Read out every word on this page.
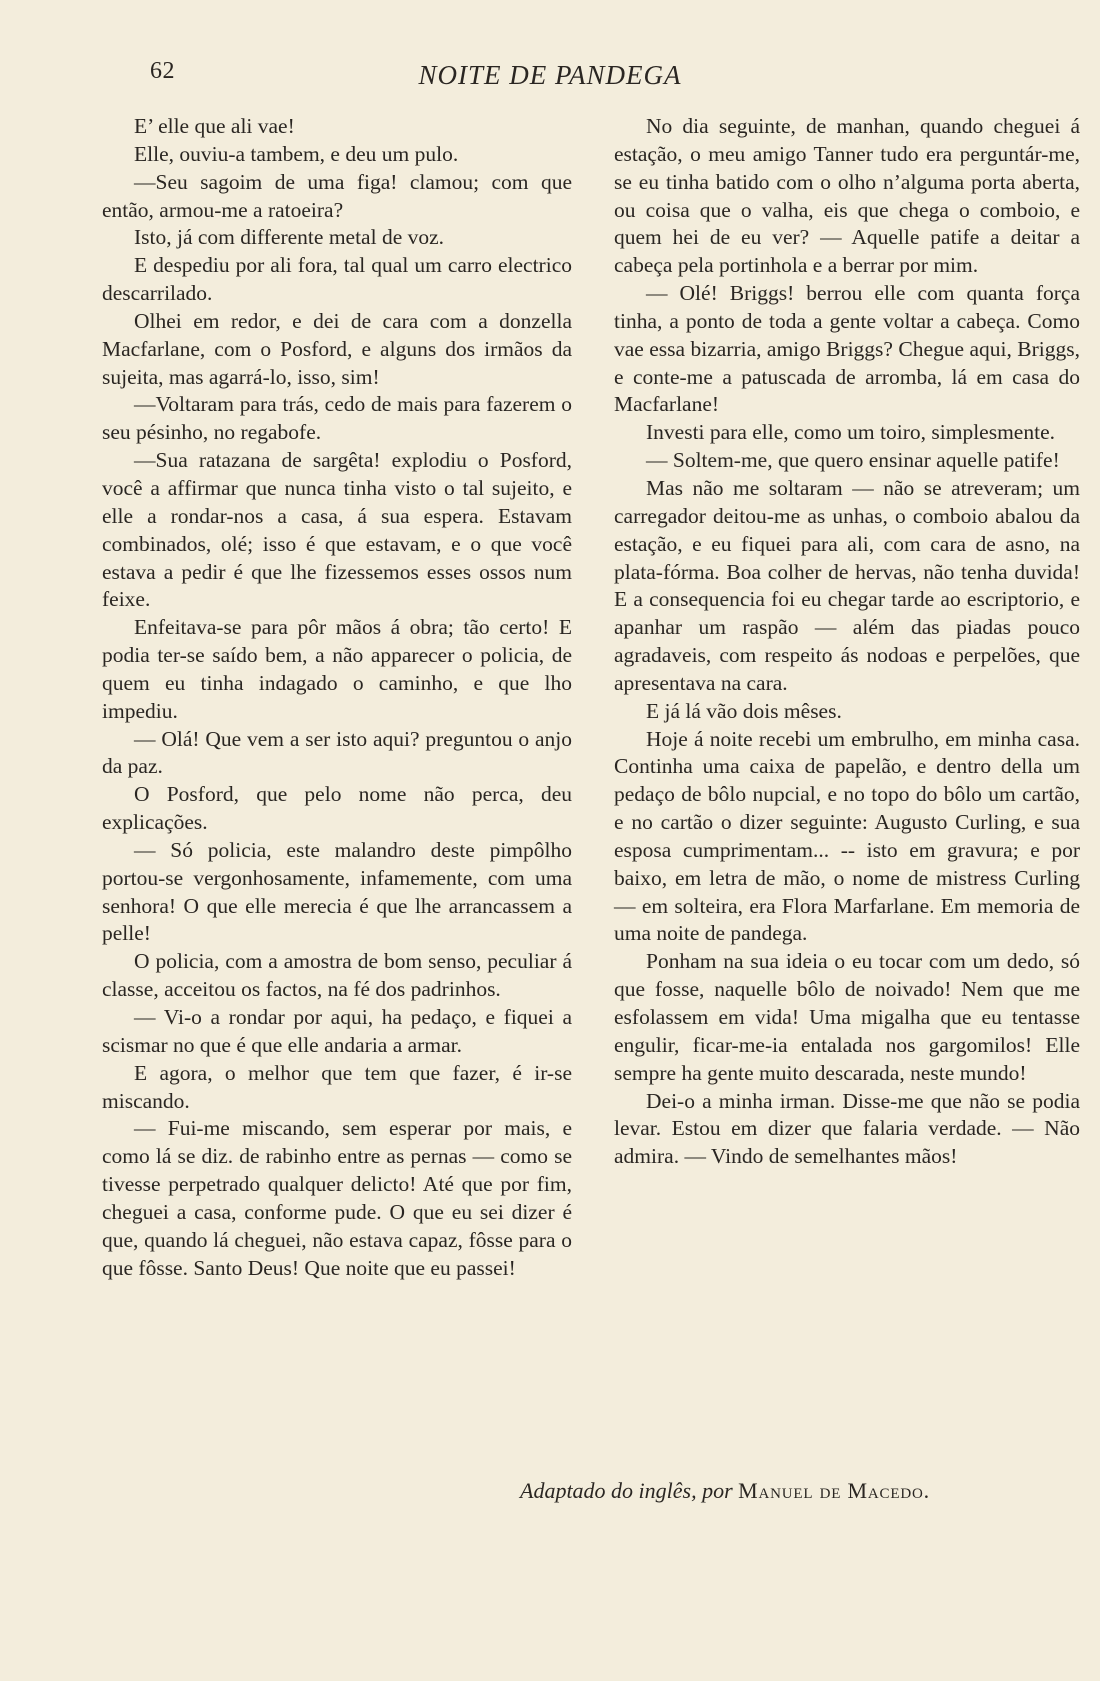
62	NOITE DE PANDEGA

E’ elle que ali vae!

Elle, ouviu-a tambem, e deu um pulo.

—Seu sagoim de uma figa! clamou; com que então, armou-me a ratoeira?

Isto, já com differente metal de voz.

E despediu por ali fora, tal qual um carro electrico descarrilado.

Olhei em redor, e dei de cara com a donzella Macfarlane, com o Posford, e alguns dos irmãos da sujeita, mas agarrá-lo, isso, sim!

—Voltaram para trás, cedo de mais para fazerem o seu pésinho, no regabofe.

—Sua ratazana de sargêta! explodiu o Posford, você a affirmar que nunca tinha visto o tal sujeito, e elle a rondar-nos a casa, á sua espera. Estavam combinados, olé; isso é que estavam, e o que você estava a pedir é que lhe fizessemos esses ossos num feixe.

Enfeitava-se para pôr mãos á obra; tão certo! E podia ter-se saído bem, a não apparecer o policia, de quem eu tinha indagado o caminho, e que lho impediu.

— Olá! Que vem a ser isto aqui? preguntou o anjo da paz.

O Posford, que pelo nome não perca, deu explicações.

— Só policia, este malandro deste pimpôlho portou-se vergonhosamente, infamemente, com uma senhora! O que elle merecia é que lhe arrancassem a pelle!

O policia, com a amostra de bom senso, peculiar á classe, acceitou os factos, na fé dos padrinhos.

— Vi-o a rondar por aqui, ha pedaço, e fiquei a scismar no que é que elle andaria a armar.

E agora, o melhor que tem que fazer, é ir-se miscando.

— Fui-me miscando, sem esperar por mais, e como lá se diz. de rabinho entre as pernas — como se tivesse perpetrado qualquer delicto! Até que por fim, cheguei a casa, conforme pude. O que eu sei dizer é que, quando lá cheguei, não estava capaz, fôsse para o que fôsse. Santo Deus! Que noite que eu passei!

No dia seguinte, de manhan, quando cheguei á estação, o meu amigo Tanner tudo era perguntár-me, se eu tinha batido com o olho n’alguma porta aberta, ou coisa que o valha, eis que chega o comboio, e quem hei de eu ver? — Aquelle patife a deitar a cabeça pela portinhola e a berrar por mim.

— Olé! Briggs! berrou elle com quanta força tinha, a ponto de toda a gente voltar a cabeça. Como vae essa bizarria, amigo Briggs? Chegue aqui, Briggs, e conte-me a patuscada de arromba, lá em casa do Macfarlane!

Investi para elle, como um toiro, simplesmente.

— Soltem-me, que quero ensinar aquelle patife!

Mas não me soltaram — não se atreveram; um carregador deitou-me as unhas, o comboio abalou da estação, e eu fiquei para ali, com cara de asno, na plata-fórma. Boa colher de hervas, não tenha duvida! E a consequencia foi eu chegar tarde ao escriptorio, e apanhar um raspão — além das piadas pouco agradaveis, com respeito ás nodoas e perpelões, que apresentava na cara.

E já lá vão dois mêses.

Hoje á noite recebi um embrulho, em minha casa. Continha uma caixa de papelão, e dentro della um pedaço de bôlo nupcial, e no topo do bôlo um cartão, e no cartão o dizer seguinte: Augusto Curling, e sua esposa cumprimentam... -- isto em gravura; e por baixo, em letra de mão, o nome de mistress Curling — em solteira, era Flora Marfarlane. Em memoria de uma noite de pandega.

Ponham na sua ideia o eu tocar com um dedo, só que fosse, naquelle bôlo de noivado! Nem que me esfolassem em vida! Uma migalha que eu tentasse engulir, ficar-me-ia entalada nos gargomilos! Elle sempre ha gente muito descarada, neste mundo!

Dei-o a minha irman. Disse-me que não se podia levar. Estou em dizer que falaria verdade. — Não admira. — Vindo de semelhantes mãos!

Adaptado do inglês, por Manuel de Macedo.
